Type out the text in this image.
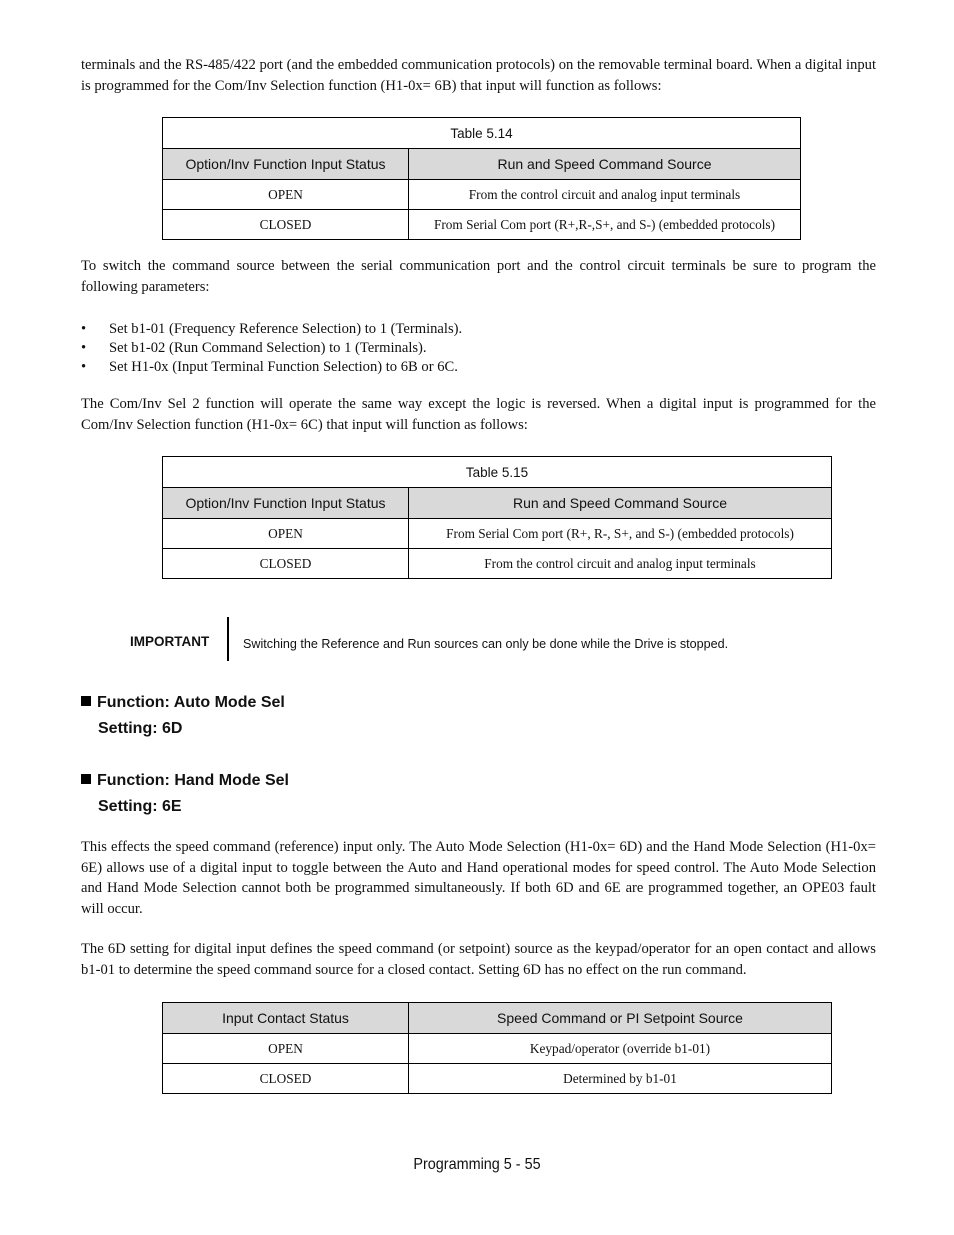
terminals and the RS-485/422 port (and the embedded communication protocols) on the removable terminal board. When a digital input is programmed for the Com/Inv Selection function (H1-0x= 6B) that input will function as follows:

Table 5.14	
Option/Inv Function Input Status	Run and Speed Command Source
OPEN	From the control circuit and analog input terminals
CLOSED	From Serial Com port (R+,R-,S+, and S-) (embedded protocols)

To switch the command source between the serial communication port and the control circuit terminals be sure to program the following parameters:

• Set b1-01 (Frequency Reference Selection) to 1 (Terminals).
• Set b1-02 (Run Command Selection) to 1 (Terminals).
• Set H1-0x (Input Terminal Function Selection) to 6B or 6C.

The Com/Inv Sel 2 function will operate the same way except the logic is reversed. When a digital input is programmed for the Com/Inv Selection function (H1-0x= 6C) that input will function as follows:

Table 5.15	
Option/Inv Function Input Status	Run and Speed Command Source
OPEN	From Serial Com port (R+, R-, S+, and S-) (embedded protocols)
CLOSED	From the control circuit and analog input terminals
IMPORTANT	Switching the Reference and Run sources can only be done while the Drive is stopped.
Function: Auto Mode Sel
Setting: 6D
Function: Hand Mode Sel
Setting: 6E

This effects the speed command (reference) input only. The Auto Mode Selection (H1-0x= 6D) and the Hand Mode Selection (H1-0x= 6E) allows use of a digital input to toggle between the Auto and Hand operational modes for speed control. The Auto Mode Selection and Hand Mode Selection cannot both be programmed simultaneously. If both 6D and 6E are programmed together, an OPE03 fault will occur.

The 6D setting for digital input defines the speed command (or setpoint) source as the keypad/operator for an open contact and allows b1-01 to determine the speed command source for a closed contact. Setting 6D has no effect on the run command.

Input Contact Status	Speed Command or PI Setpoint Source
OPEN	Keypad/operator (override b1-01)
CLOSED	Determined by b1-01
Programming 5 - 55
